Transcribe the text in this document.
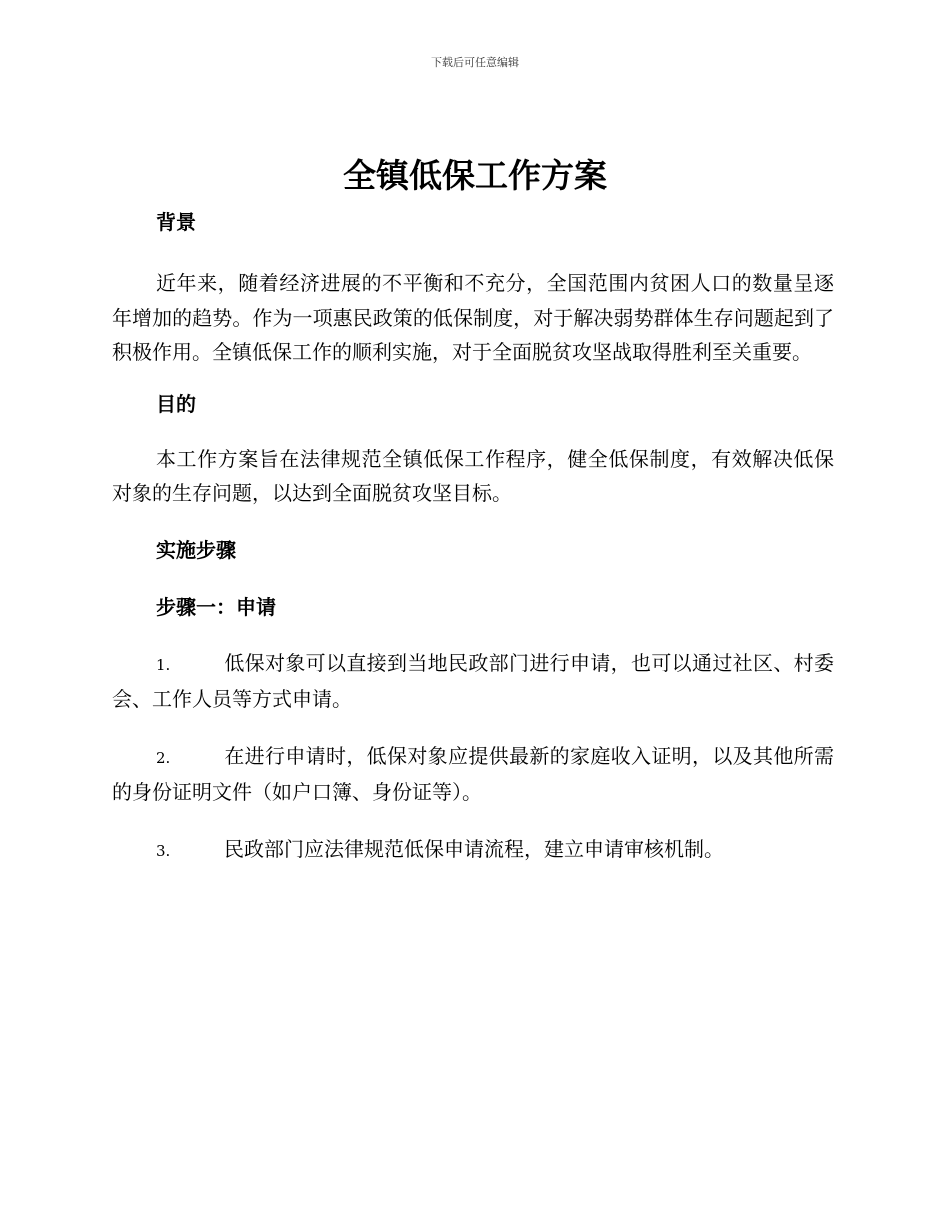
下载后可任意编辑
全镇低保工作方案

背景

近年来，随着经济进展的不平衡和不充分，全国范围内贫困人口的数量呈逐年增加的趋势。作为一项惠民政策的低保制度，对于解决弱势群体生存问题起到了积极作用。全镇低保工作的顺利实施，对于全面脱贫攻坚战取得胜利至关重要。

目的

本工作方案旨在法律规范全镇低保工作程序，健全低保制度，有效解决低保对象的生存问题，以达到全面脱贫攻坚目标。

实施步骤

步骤一：申请

1.	低保对象可以直接到当地民政部门进行申请，也可以通过社区、村委会、工作人员等方式申请。

2.	在进行申请时，低保对象应提供最新的家庭收入证明，以及其他所需的身份证明文件（如户口簿、身份证等）。

3.	民政部门应法律规范低保申请流程，建立申请审核机制。
